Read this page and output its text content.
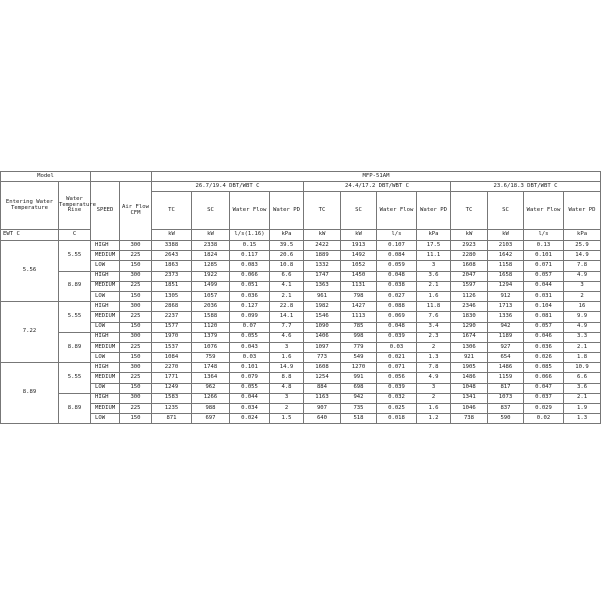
Model				MFP-51AM											
Entering Water Temperature	Water Temperature Rise	SPEED	Air Flow CFM	26.7/19.4 DBT/WBT C				24.4/17.2 DBT/WBT C				23.6/18.3 DBT/WBT C			
				TC	SC	Water Flow	Water PD	TC	SC	Water Flow	Water PD	TC	SC	Water Flow	Water PD
EWT C	C			kW	kW	l/s(1.16)	kPa	kW	kW	l/s	kPa	kW	kW	l/s	kPa
5.56	5.55	HIGH	300	3388	2338	0.15	39.5	2422	1913	0.107	17.5	2923	2103	0.13	25.9
		MEDIUM	225	2643	1824	0.117	20.6	1889	1492	0.084	11.1	2280	1642	0.101	14.9
		LOW	150	1863	1285	0.083	10.8	1332	1052	0.059	3	1608	1158	0.071	7.8
	8.89	HIGH	300	2373	1922	0.066	6.6	1747	1450	0.048	3.6	2047	1658	0.057	4.9
		MEDIUM	225	1851	1499	0.051	4.1	1363	1131	0.038	2.1	1597	1294	0.044	3
		LOW	150	1305	1057	0.036	2.1	961	798	0.027	1.6	1126	912	0.031	2
7.22	5.55	HIGH	300	2868	2036	0.127	22.8	1982	1427	0.088	11.8	2346	1713	0.104	16
		MEDIUM	225	2237	1588	0.099	14.1	1546	1113	0.069	7.6	1830	1336	0.081	9.9
		LOW	150	1577	1120	0.07	7.7	1090	785	0.048	3.4	1290	942	0.057	4.9
	8.89	HIGH	300	1970	1379	0.055	4.6	1406	998	0.039	2.3	1674	1189	0.046	3.3
		MEDIUM	225	1537	1076	0.043	3	1097	779	0.03	2	1306	927	0.036	2.1
		LOW	150	1084	759	0.03	1.6	773	549	0.021	1.3	921	654	0.026	1.8
8.89	5.55	HIGH	300	2270	1748	0.101	14.9	1608	1270	0.071	7.8	1905	1486	0.085	10.9
		MEDIUM	225	1771	1364	0.079	8.8	1254	991	0.056	4.9	1486	1159	0.066	6.6
		LOW	150	1249	962	0.055	4.8	884	698	0.039	3	1048	817	0.047	3.6
	8.89	HIGH	300	1583	1266	0.044	3	1163	942	0.032	2	1341	1073	0.037	2.1
		MEDIUM	225	1235	988	0.034	2	907	735	0.025	1.6	1046	837	0.029	1.9
		LOW	150	871	697	0.024	1.5	640	518	0.018	1.2	738	590	0.02	1.3
